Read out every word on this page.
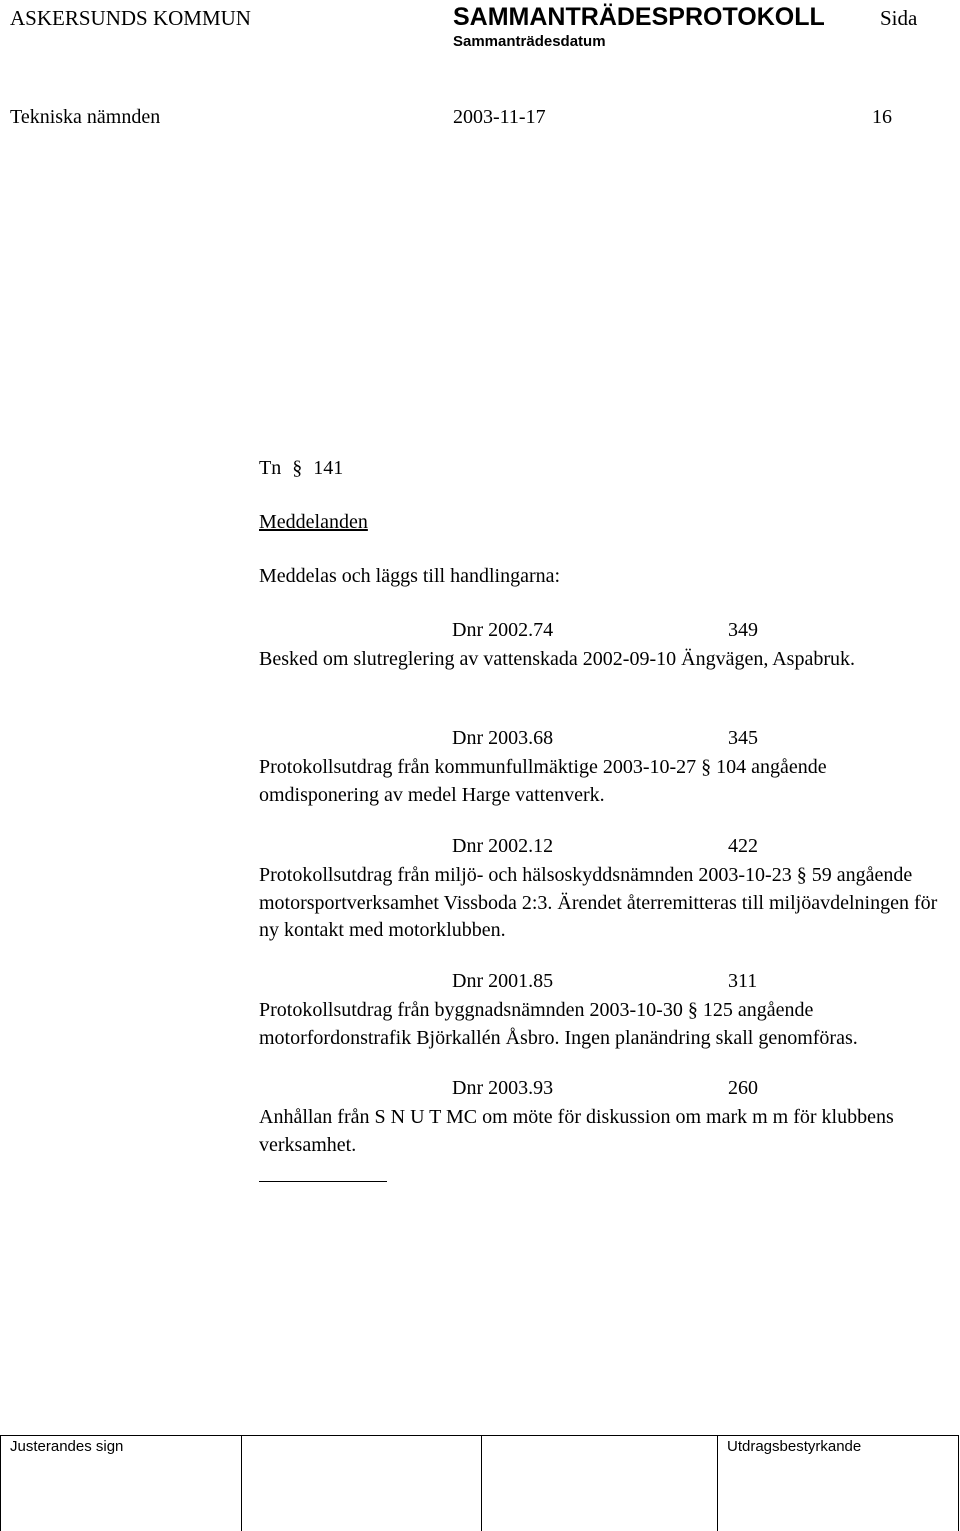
ASKERSUNDS KOMMUN	SAMMANTRÄDESPROTOKOLL	Sida
Sammanträdesdatum
Tekniska nämnden	2003-11-17	16
Tn § 141
Meddelanden
Meddelas och läggs till handlingarna:
Dnr 2002.74	349
Besked om slutreglering av vattenskada 2002-09-10 Ängvägen, Aspabruk.
Dnr 2003.68	345
Protokollsutdrag från kommunfullmäktige 2003-10-27 § 104 angående omdisponering av medel Harge vattenverk.
Dnr 2002.12	422
Protokollsutdrag från miljö- och hälsoskyddsnämnden 2003-10-23 § 59 angående motorsportverksamhet Vissboda 2:3. Ärendet återremitteras till miljöavdelningen för ny kontakt med motorklubben.
Dnr 2001.85	311
Protokollsutdrag från byggnadsnämnden 2003-10-30 § 125 angående motorfordonstrafik Björkallén Åsbro. Ingen planändring skall genomföras.
Dnr 2003.93	260
Anhållan från S N U T MC om möte för diskussion om mark m m för klubbens verksamhet.
Justerandes sign	Utdragsbestyrkande
